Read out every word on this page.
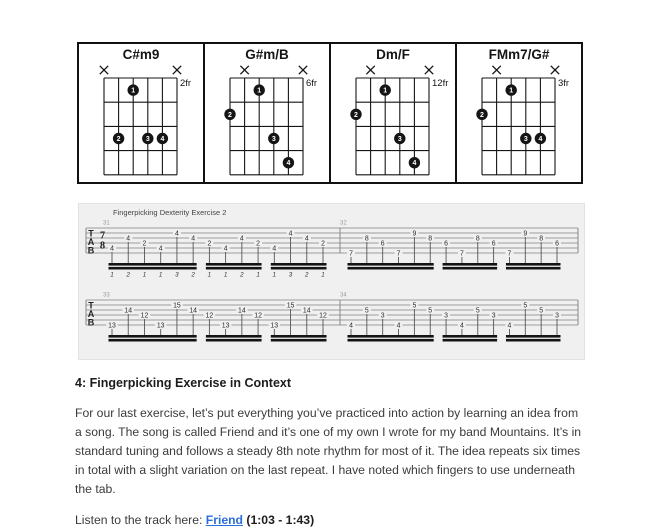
C#m9
2fr
1
2	3 4
G#m/B
6fr
1
2
3
4
Dm/F
12fr
1
2
3
4
FMm7/G#
3fr
1
2
3 4
Fingerpicking Dexterity Exercise 2
T
A
B
7
8
31
4
4
2
4
4
4
2
4
4
2
4
4
4
2
1 2 1 1 3 2 1 1 2 1 1 3 2 1
32
7
8
6
7
9
8
6
7
8
6
7
9
8
6
T
A
B
33
13
14
12
13
15
14
12
13
14
12
13
15
14
12
34
4
5
3
4
5
5
3
4
5
3
4
5
5
3
4: Fingerpicking Exercise in Context

For our last exercise, let’s put everything you’ve practiced into action by learning an idea from a song. The song is called Friend and it’s one of my own I wrote for my band Mountains. It’s in standard tuning and follows a steady 8th note rhythm for most of it. The idea repeats six times in total with a slight variation on the last repeat. I have noted which fingers to use underneath the tab.

Listen to the track here: Friend (1:03 - 1:43)
